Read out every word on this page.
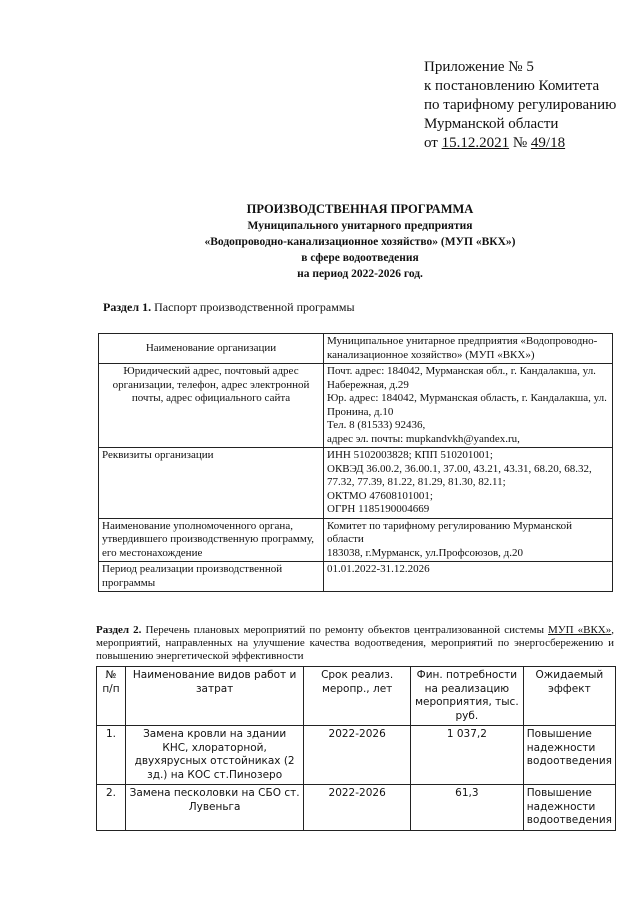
Приложение № 5
к постановлению Комитета
по тарифному регулированию
Мурманской области
от 15.12.2021 № 49/18
ПРОИЗВОДСТВЕННАЯ ПРОГРАММА
Муниципального унитарного предприятия
«Водопроводно-канализационное хозяйство» (МУП «ВКХ»)
в сфере водоотведения
на период 2022-2026 год.
Раздел 1. Паспорт производственной программы
Наименование организации	Муниципальное унитарное предприятия «Водопроводно-канализационное хозяйство» (МУП «ВКХ»)
Юридический адрес, почтовый адрес организации, телефон, адрес электронной почты, адрес официального сайта	Почт. адрес: 184042, Мурманская обл., г. Кандалакша, ул. Набережная, д.29
Юр. адрес: 184042, Мурманская область, г. Кандалакша, ул. Пронина, д.10
Тел. 8 (81533) 92436,
адрес эл. почты: mupkandvkh@yandex.ru,

Реквизиты организации	ИНН 5102003828; КПП 510201001;
ОКВЭД 36.00.2, 36.00.1, 37.00, 43.21, 43.31, 68.20, 68.32, 77.32, 77.39, 81.22, 81.29, 81.30, 82.11;
ОКТМО 47608101001;
ОГРН 1185190004669

Наименование уполномоченного органа, утвердившего производственную программу, его местонахождение	Комитет по тарифному регулированию Мурманской области
183038, г.Мурманск, ул.Профсоюзов, д.20

Период реализации производственной программы	01.01.2022-31.12.2026
Раздел 2. Перечень плановых мероприятий по ремонту объектов централизованной системы МУП «ВКХ», мероприятий, направленных на улучшение качества водоотведения, мероприятий по энергосбережению и повышению энергетической эффективности
№ п/п	Наименование видов работ и затрат	Срок реализ. меропр., лет	Фин. потребности на реализацию мероприятия, тыс. руб.	Ожидаемый эффект
1.	Замена кровли на здании КНС, хлораторной, двухярусных отстойниках (2 зд.) на КОС ст.Пинозеро	2022-2026	1 037,2	Повышение надежности водоотведения
2.	Замена песколовки на СБО ст. Лувеньга	2022-2026	61,3	Повышение надежности водоотведения
